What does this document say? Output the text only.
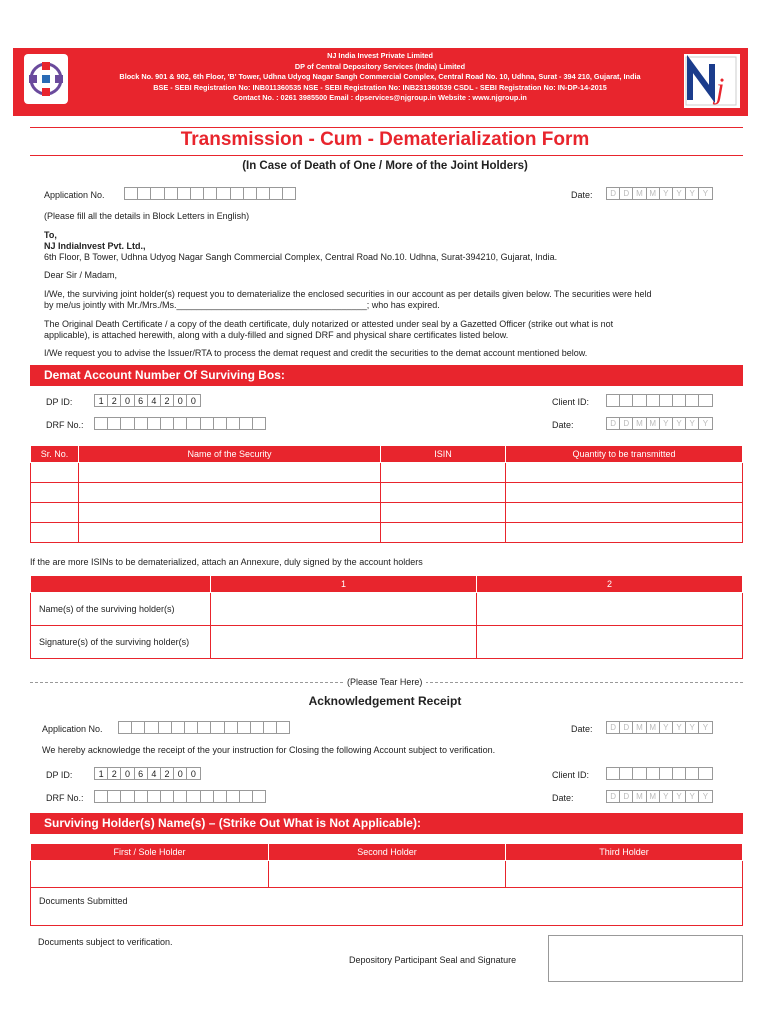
j
NJ India Invest Private Limited
DP of Central Depository Services (India) Limited
Block No. 901 & 902, 6th Floor, 'B' Tower, Udhna Udyog Nagar Sangh Commercial Complex, Central Road No. 10, Udhna, Surat - 394 210, Gujarat, India
BSE - SEBI Registration No: INB011360535 NSE - SEBI Registration No: INB231360539 CSDL - SEBI Registration No: IN-DP-14-2015
Contact No. : 0261 3985500 Email : dpservices@njgroup.in Website : www.njgroup.in
Transmission - Cum - Dematerialization Form
(In Case of Death of One / More of the Joint Holders)
Application No.	Date:	D D M M Y Y Y Y
(Please fill all the details in Block Letters in English)
To,
NJ IndiaInvest Pvt. Ltd.,
6th Floor, B Tower, Udhna Udyog Nagar Sangh Commercial Complex, Central Road No.10. Udhna, Surat-394210, Gujarat, India.
Dear Sir / Madam,
I/We, the surviving joint holder(s) request you to dematerialize the enclosed securities in our account as per details given below. The securities were held
by me/us jointly with Mr./Mrs./Ms.______________________________________; who has expired.
The Original Death Certificate / a copy of the death certificate, duly notarized or attested under seal by a Gazetted Officer (strike out what is not
applicable), is attached herewith, along with a duly-filled and signed DRF and physical share certificates listed below.
I/We request you to advise the Issuer/RTA to process the demat request and credit the securities to the demat account mentioned below.
Demat Account Number Of Surviving Bos:
DP ID:	1 2 0 6 4 2 0 0	Client ID:
DRF No.:	Date:	D D M M Y Y Y Y
Sr. No.	Name of the Security	ISIN	Quantity to be transmitted

If the are more ISINs to be dematerialized, attach an Annexure, duly signed by the account holders
	1	2
Name(s) of the surviving holder(s)		
Signature(s) of the surviving holder(s)		
(Please Tear Here)
Acknowledgement Receipt
Application No.	Date:	D D M M Y Y Y Y
We hereby acknowledge the receipt of the your instruction for Closing the following Account subject to verification.
DP ID:	1 2 0 6 4 2 0 0	Client ID:
DRF No.:	Date:	D D M M Y Y Y Y
Surviving Holder(s) Name(s) – (Strike Out What is Not Applicable):
First / Sole Holder	Second Holder	Third Holder

Documents Submitted		
Documents subject to verification.
Depository Participant Seal and Signature
